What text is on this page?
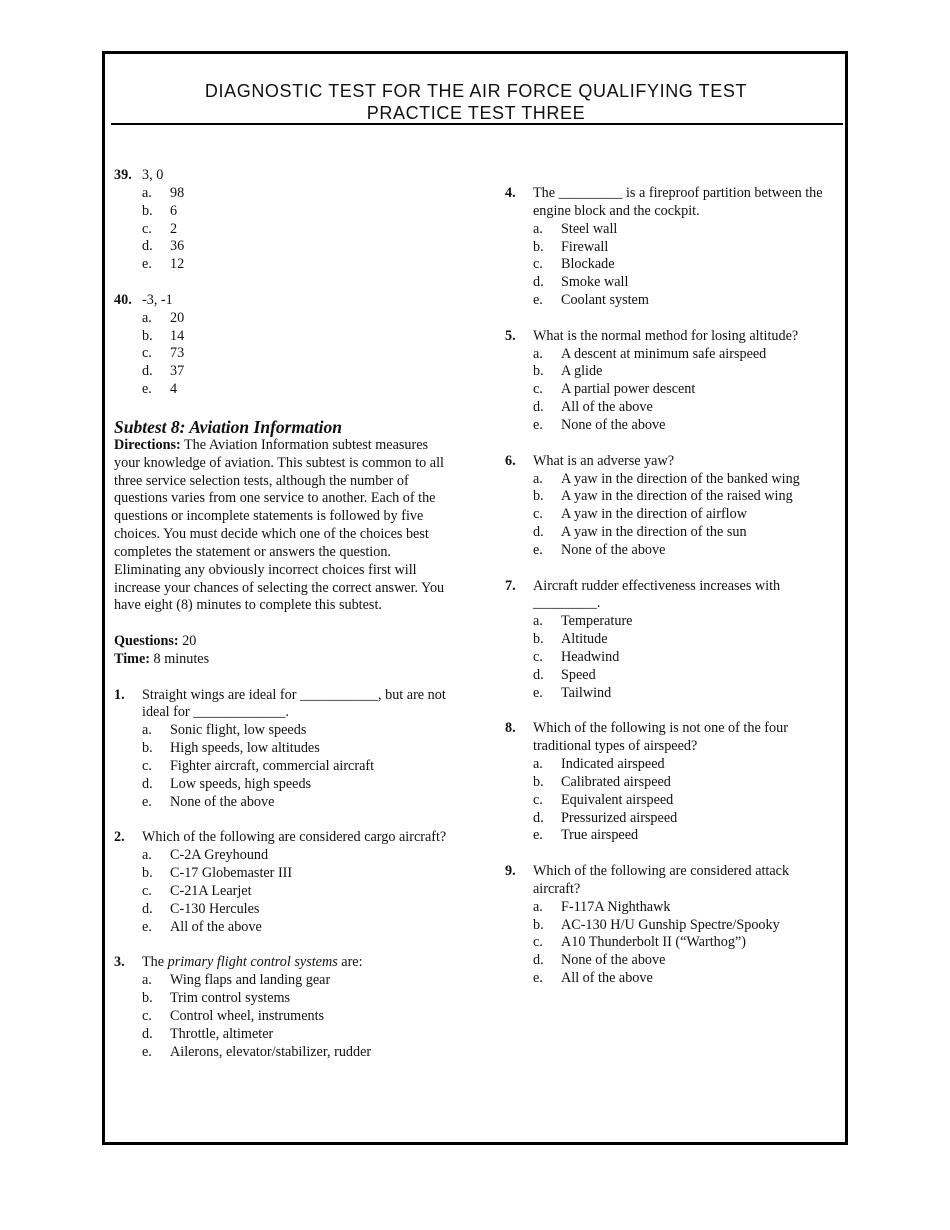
DIAGNOSTIC TEST FOR THE AIR FORCE QUALIFYING TEST
PRACTICE TEST THREE
39. 3, 0
a. 98
b. 6
c. 2
d. 36
e. 12
40. -3, -1
a. 20
b. 14
c. 73
d. 37
e. 4
Subtest 8: Aviation Information
Directions: The Aviation Information subtest measures your knowledge of aviation. This subtest is common to all three service selection tests, although the number of questions varies from one service to another. Each of the questions or incomplete statements is followed by five choices. You must decide which one of the choices best completes the statement or answers the question. Eliminating any obviously incorrect choices first will increase your chances of selecting the correct answer. You have eight (8) minutes to complete this subtest.
Questions: 20
Time: 8 minutes
1. Straight wings are ideal for ___________, but are not ideal for _____________.
a. Sonic flight, low speeds
b. High speeds, low altitudes
c. Fighter aircraft, commercial aircraft
d. Low speeds, high speeds
e. None of the above
2. Which of the following are considered cargo aircraft?
a. C-2A Greyhound
b. C-17 Globemaster III
c. C-21A Learjet
d. C-130 Hercules
e. All of the above
3. The primary flight control systems are:
a. Wing flaps and landing gear
b. Trim control systems
c. Control wheel, instruments
d. Throttle, altimeter
e. Ailerons, elevator/stabilizer, rudder
4. The _________ is a fireproof partition between the engine block and the cockpit.
a. Steel wall
b. Firewall
c. Blockade
d. Smoke wall
e. Coolant system
5. What is the normal method for losing altitude?
a. A descent at minimum safe airspeed
b. A glide
c. A partial power descent
d. All of the above
e. None of the above
6. What is an adverse yaw?
a. A yaw in the direction of the banked wing
b. A yaw in the direction of the raised wing
c. A yaw in the direction of airflow
d. A yaw in the direction of the sun
e. None of the above
7. Aircraft rudder effectiveness increases with _________.
a. Temperature
b. Altitude
c. Headwind
d. Speed
e. Tailwind
8. Which of the following is not one of the four traditional types of airspeed?
a. Indicated airspeed
b. Calibrated airspeed
c. Equivalent airspeed
d. Pressurized airspeed
e. True airspeed
9. Which of the following are considered attack aircraft?
a. F-117A Nighthawk
b. AC-130 H/U Gunship Spectre/Spooky
c. A10 Thunderbolt II (“Warthog”)
d. None of the above
e. All of the above
